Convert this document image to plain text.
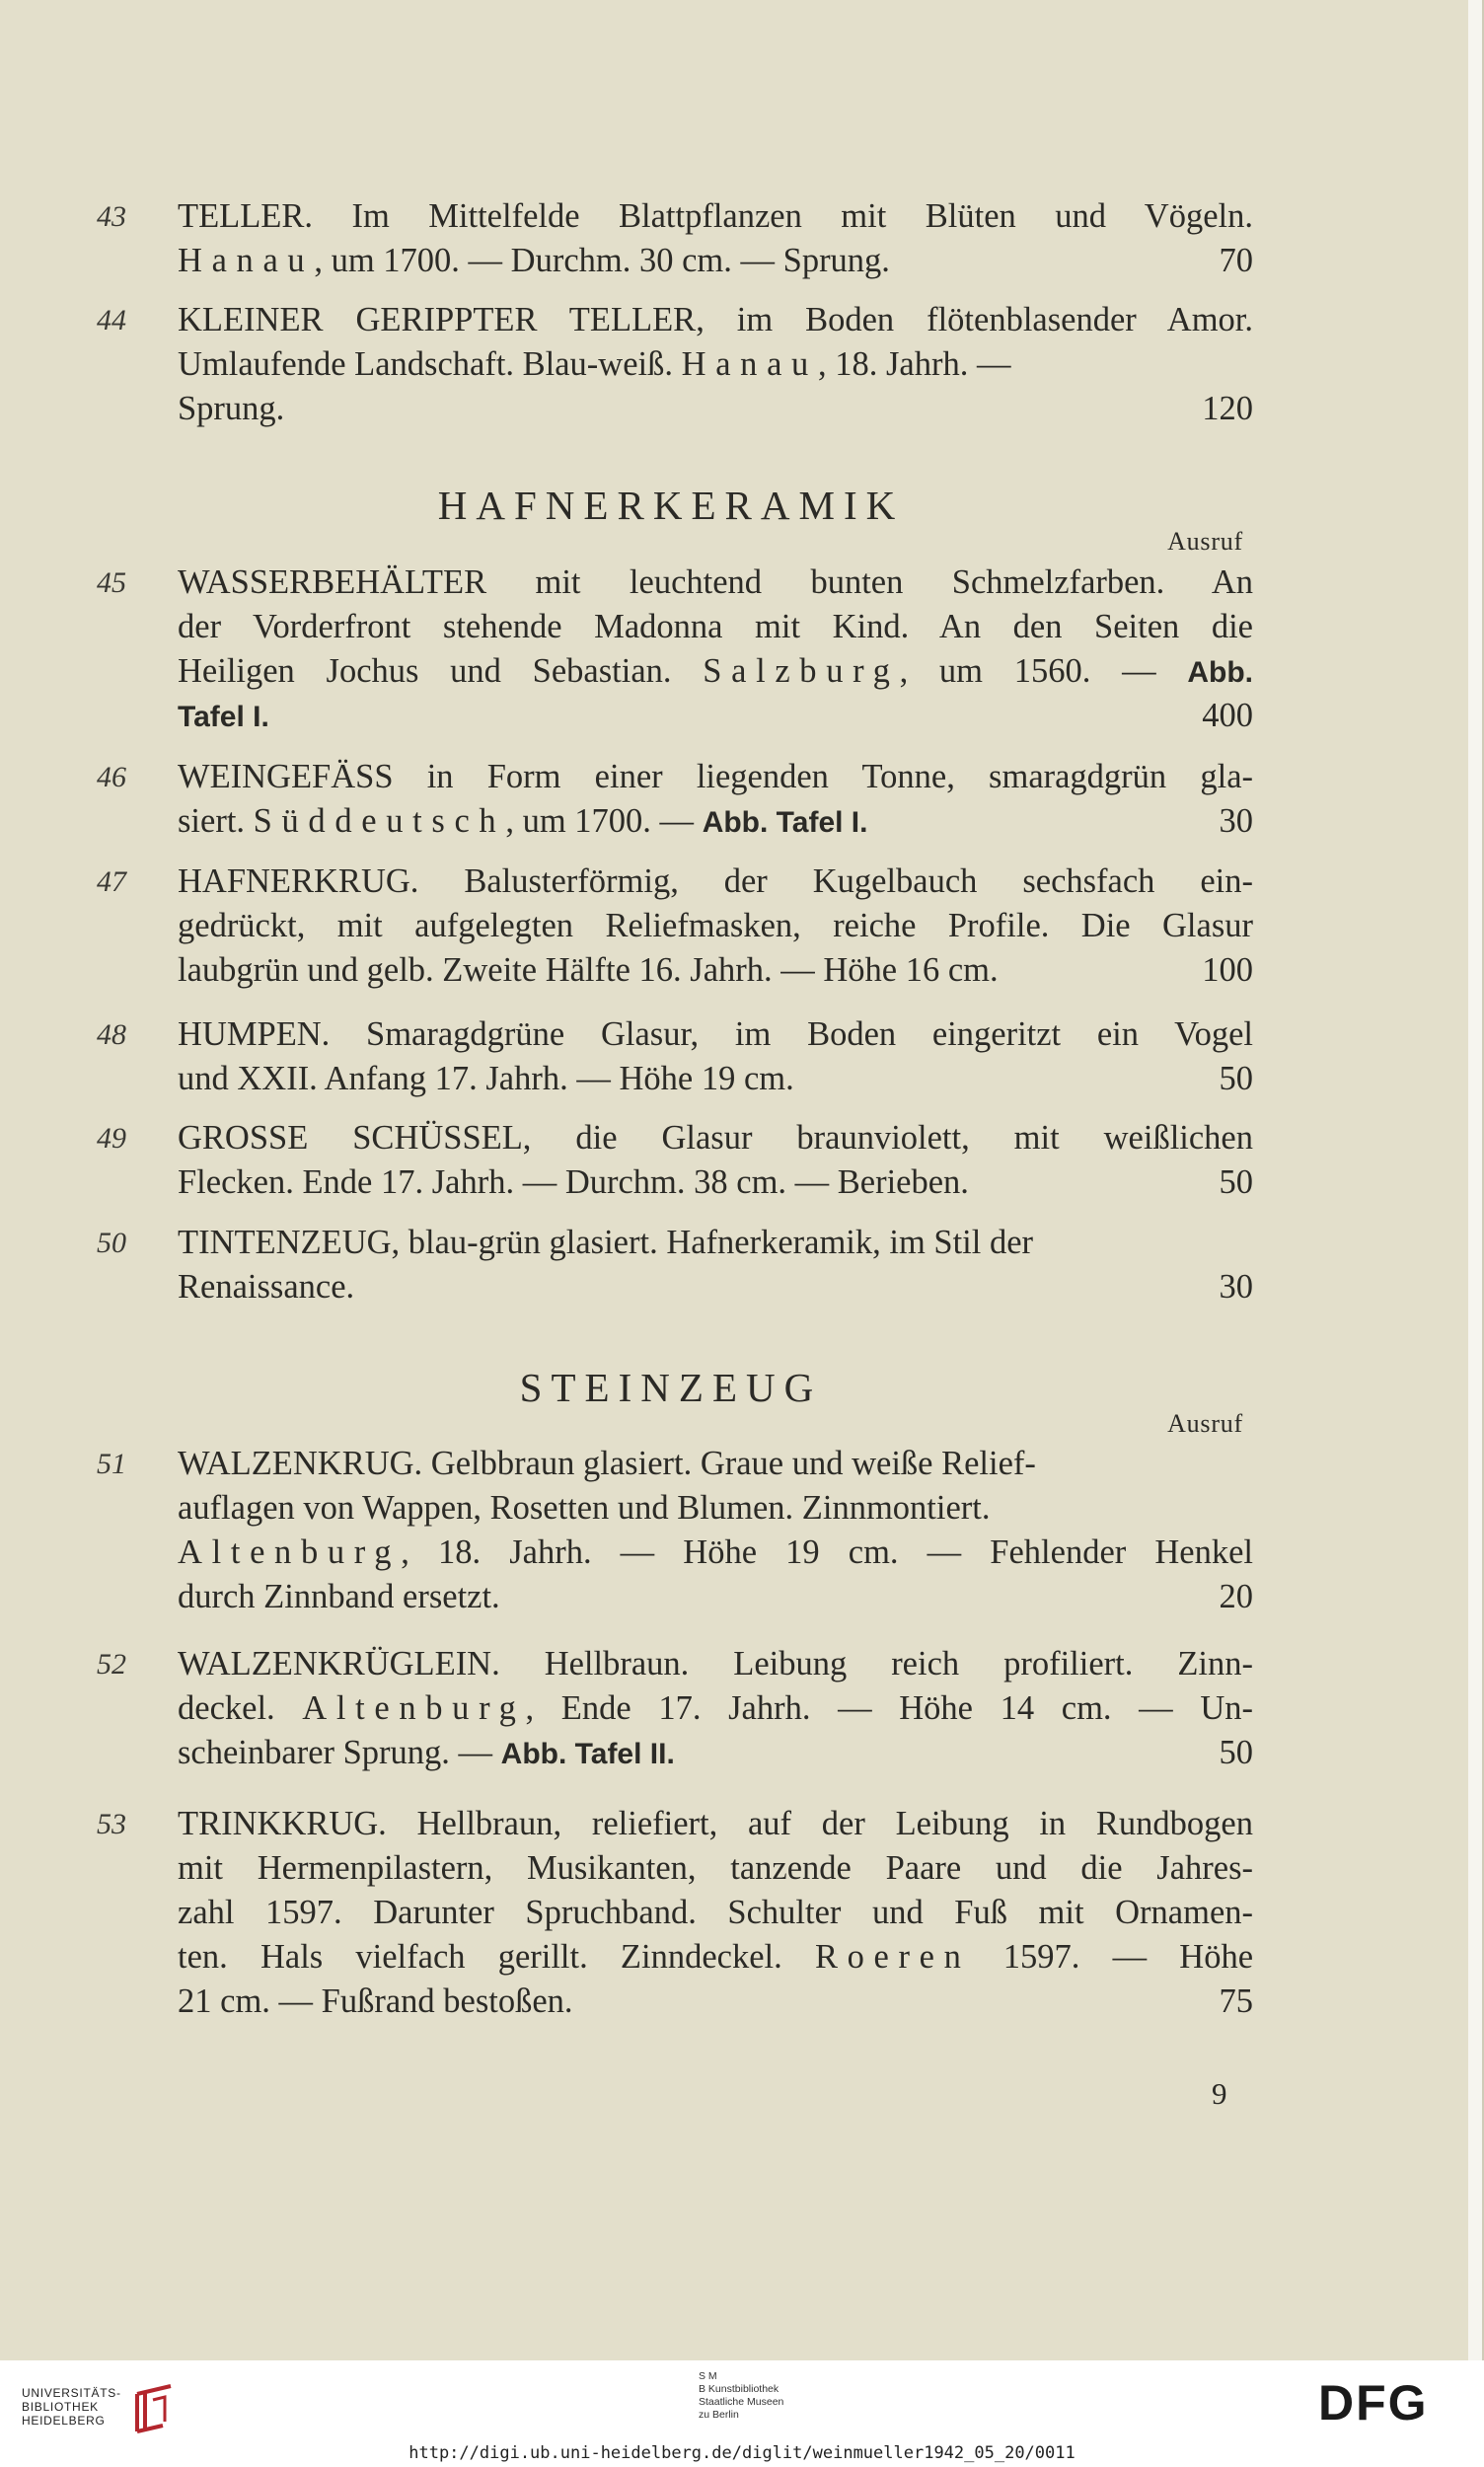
43 TELLER. Im Mittelfelde Blattpflanzen mit Blüten und Vögeln.
Hanau, um 1700. — Durchm. 30 cm. — Sprung.	70
44 KLEINER GERIPPTER TELLER, im Boden flötenblasender Amor.
Umlaufende Landschaft. Blau-weiß. Hanau, 18. Jahrh. —
Sprung.	120
HAFNERKERAMIK
Ausruf
45 WASSERBEHÄLTER mit leuchtend bunten Schmelzfarben. An
der Vorderfront stehende Madonna mit Kind. An den Seiten die
Heiligen Jochus und Sebastian. Salzburg, um 1560. — Abb.
Tafel I.	400
46 WEINGEFÄSS in Form einer liegenden Tonne, smaragdgrün gla-
siert. Süddeutsch, um 1700. — Abb. Tafel I.	30
47 HAFNERKRUG. Balusterförmig, der Kugelbauch sechsfach ein-
gedrückt, mit aufgelegten Reliefmasken, reiche Profile. Die Glasur
laubgrün und gelb. Zweite Hälfte 16. Jahrh. — Höhe 16 cm.	100
48 HUMPEN. Smaragdgrüne Glasur, im Boden eingeritzt ein Vogel
und XXII. Anfang 17. Jahrh. — Höhe 19 cm.	50
49 GROSSE SCHÜSSEL, die Glasur braunviolett, mit weißlichen
Flecken. Ende 17. Jahrh. — Durchm. 38 cm. — Berieben.	50
50 TINTENZEUG, blau-grün glasiert. Hafnerkeramik, im Stil der
Renaissance.	30
STEINZEUG
Ausruf
51 WALZENKRUG. Gelbbraun glasiert. Graue und weiße Relief-
auflagen von Wappen, Rosetten und Blumen. Zinnmontiert.
Altenburg, 18. Jahrh. — Höhe 19 cm. — Fehlender Henkel
durch Zinnband ersetzt.	20
52 WALZENKRÜGLEIN. Hellbraun. Leibung reich profiliert. Zinn-
deckel. Altenburg, Ende 17. Jahrh. — Höhe 14 cm. — Un-
scheinbarer Sprung. — Abb. Tafel II.	50
53 TRINKKRUG. Hellbraun, reliefiert, auf der Leibung in Rundbogen
mit Hermenpilastern, Musikanten, tanzende Paare und die Jahres-
zahl 1597. Darunter Spruchband. Schulter und Fuß mit Ornamen-
ten. Hals vielfach gerillt. Zinndeckel. Roeren 1597. — Höhe
21 cm. — Fußrand bestoßen.	75
9
UNIVERSITÄTS-
BIBLIOTHEK
HEIDELBERG
S M
B Kunstbibliothek
Staatliche Museen
zu Berlin	DFG
http://digi.ub.uni-heidelberg.de/diglit/weinmueller1942_05_20/0011
